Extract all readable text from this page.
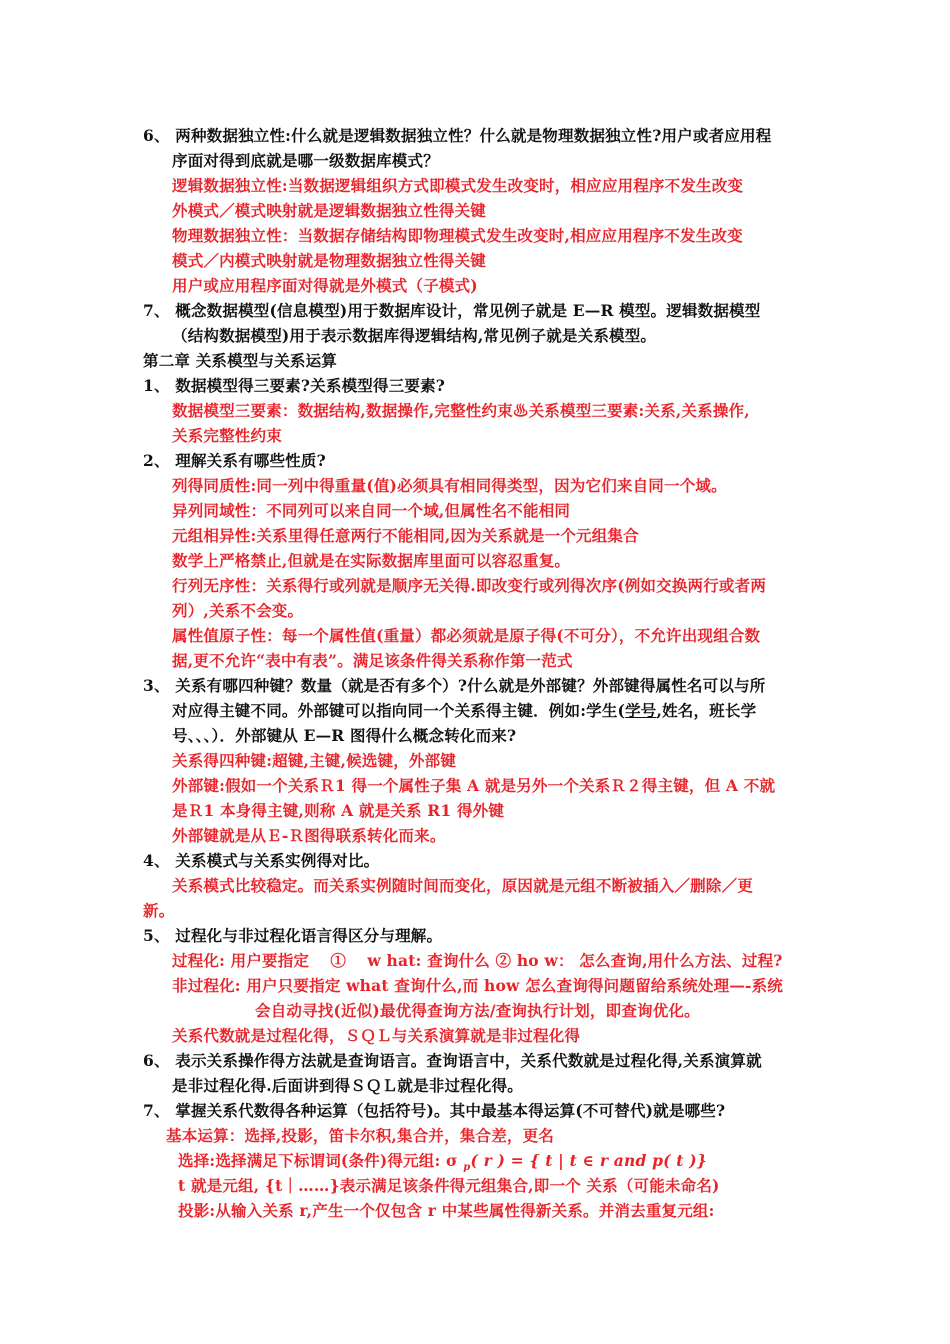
6、 两种数据独立性:什么就是逻辑数据独立性？什么就是物理数据独立性?用户或者应用程
序面对得到底就是哪一级数据库模式？
逻辑数据独立性:当数据逻辑组织方式即模式发生改变时，相应应用程序不发生改变
外模式／模式映射就是逻辑数据独立性得关键
物理数据独立性：当数据存储结构即物理模式发生改变时,相应应用程序不发生改变
模式／内模式映射就是物理数据独立性得关键
用户或应用程序面对得就是外模式（子模式)
7、 概念数据模型(信息模型)用于数据库设计，常见例子就是 E—R 模型。逻辑数据模型
（结构数据模型)用于表示数据库得逻辑结构,常见例子就是关系模型。
第二章 关系模型与关系运算
1、 数据模型得三要素?关系模型得三要素?
数据模型三要素：数据结构,数据操作,完整性约束♨关系模型三要素:关系,关系操作,
关系完整性约束
2、 理解关系有哪些性质?
列得同质性:同一列中得重量(值)必须具有相同得类型，因为它们来自同一个域。
异列同域性：不同列可以来自同一个域,但属性名不能相同
元组相异性:关系里得任意两行不能相同,因为关系就是一个元组集合
数学上严格禁止,但就是在实际数据库里面可以容忍重复。
行列无序性：关系得行或列就是顺序无关得.即改变行或列得次序(例如交换两行或者两
列）,关系不会变。
属性值原子性：每一个属性值(重量）都必须就是原子得(不可分），不允许出现组合数
据,更不允许“表中有表”。满足该条件得关系称作第一范式
3、 关系有哪四种键？数量（就是否有多个）?什么就是外部键？外部键得属性名可以与所
对应得主键不同。外部键可以指向同一个关系得主键．例如:学生(学号,姓名，班长学
号、、、）．外部键从 E—R 图得什么概念转化而来?
关系得四种键:超键,主键,候选键，外部键
外部键:假如一个关系Ｒ1 得一个属性子集 A 就是另外一个关系Ｒ２得主键，但 A 不就
是Ｒ1 本身得主键,则称 A 就是关系 R1 得外键
外部键就是从Ｅ-Ｒ图得联系转化而来。
4、 关系模式与关系实例得对比。
关系模式比较稳定。而关系实例随时间而变化，原因就是元组不断被插入／删除／更
新。
5、 过程化与非过程化语言得区分与理解。
过程化: 用户要指定 　①　 w hat: 查询什么 ② ho w： 怎么查询,用什么方法、过程?
非过程化: 用户只要指定 what 查询什么,而 how 怎么查询得问题留给系统处理—-系统
会自动寻找(近似)最优得查询方法/查询执行计划，即查询优化。
关系代数就是过程化得，ＳＱＬ与关系演算就是非过程化得
6、 表示关系操作得方法就是查询语言。查询语言中，关系代数就是过程化得,关系演算就
是非过程化得.后面讲到得ＳＱＬ就是非过程化得。
7、 掌握关系代数得各种运算（包括符号)。其中最基本得运算(不可替代)就是哪些?
基本运算：选择,投影，笛卡尔积,集合并，集合差，更名
选择:选择满足下标谓词(条件)得元组: σ $_p$( r ) = { t | t ∈ r and p( t )}
t 就是元组, {t｜……}表示满足该条件得元组集合,即一个 关系（可能未命名)
投影:从输入关系 r,产生一个仅包含 r 中某些属性得新关系。并消去重复元组:
